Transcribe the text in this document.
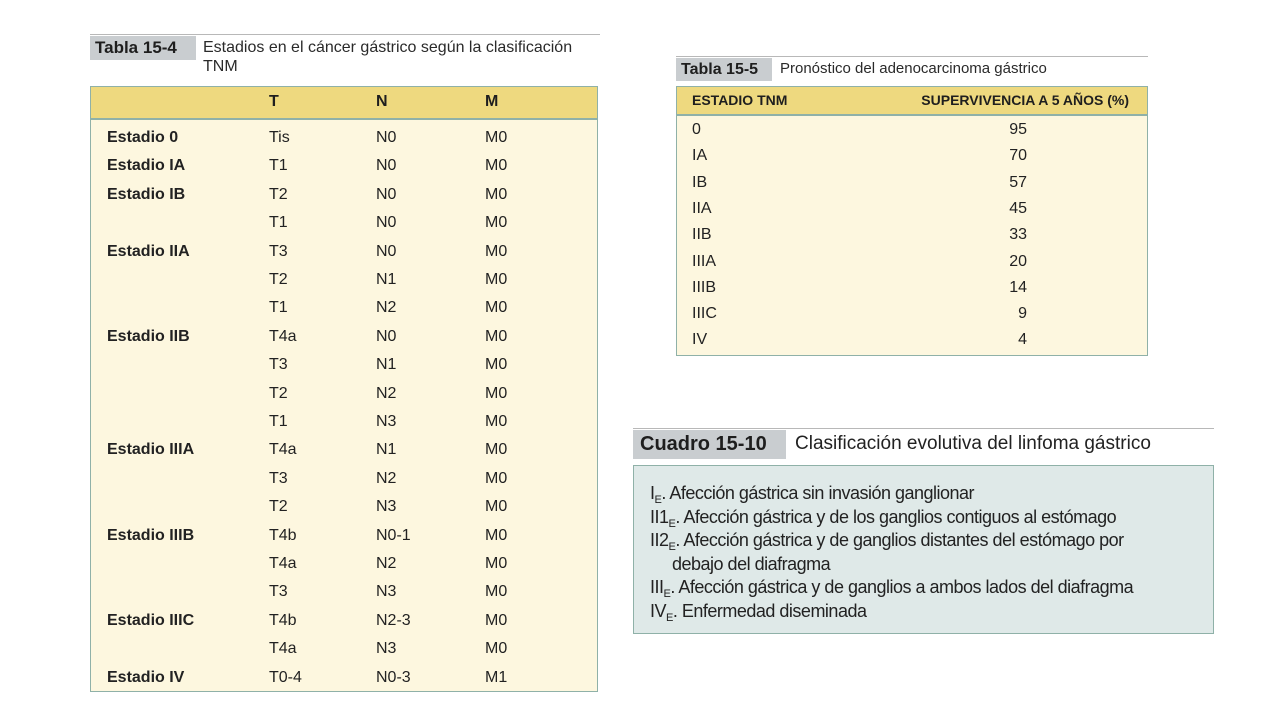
Tabla 15-4	Estadios en el cáncer gástrico según la clasificación TNM
T	N	M
Estadio 0	Tis	N0	M0
Estadio IA	T1	N0	M0
Estadio IB	T2	N0	M0
T1	N0	M0
Estadio IIA	T3	N0	M0
T2	N1	M0
T1	N2	M0
Estadio IIB	T4a	N0	M0
T3	N1	M0
T2	N2	M0
T1	N3	M0
Estadio IIIA	T4a	N1	M0
T3	N2	M0
T2	N3	M0
Estadio IIIB	T4b	N0-1	M0
T4a	N2	M0
T3	N3	M0
Estadio IIIC	T4b	N2-3	M0
T4a	N3	M0
Estadio IV	T0-4	N0-3	M1
Tabla 15-5	Pronóstico del adenocarcinoma gástrico
ESTADIO TNM	SUPERVIVENCIA A 5 AÑOS (%)
0	95
IA	70
IB	57
IIA	45
IIB	33
IIIA	20
IIIB	14
IIIC	9
IV	4
Cuadro 15-10	Clasificación evolutiva del linfoma gástrico
$I_E$. Afección gástrica sin invasión ganglionar
$II1_E$. Afección gástrica y de los ganglios contiguos al estómago
$II2_E$. Afección gástrica y de ganglios distantes del estómago por
debajo del diafragma
$III_E$. Afección gástrica y de ganglios a ambos lados del diafragma
$IV_E$. Enfermedad diseminada
